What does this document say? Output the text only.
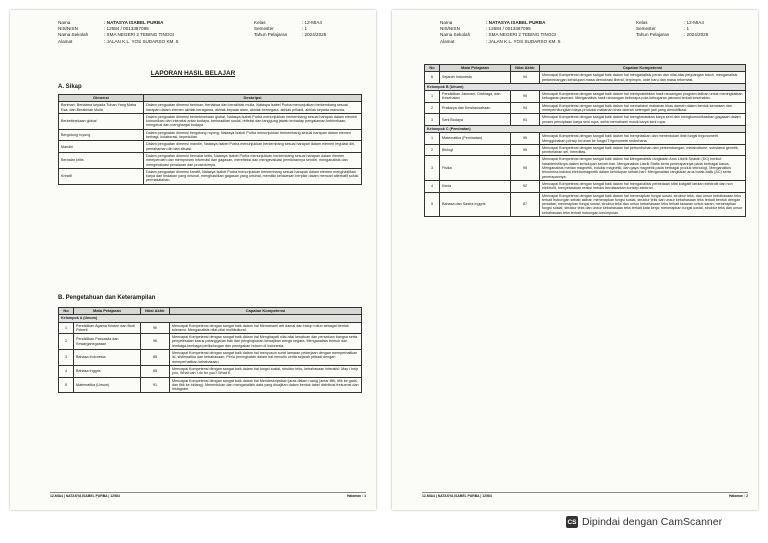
Nama	: NATASYA ISABEL PURBA	Kelas	: 12-MIA4
NIS/NISN	: 12584 / 0013387095	Semester	: 1
Nama Sekolah	: SMA NEGERI 2 TEBING TINGGI	Tahun Pelajaran	: 2024/2025
Alamat	: JALAN K.L. YOS SUDARSO KM. 5		
LAPORAN HASIL BELAJAR
A. Sikap
Dimensi	Deskripsi
Beriman, Bertakwa kepada Tuhan Yang Maha Esa, dan Berakhlak Mulia	Dalam penguatan dimensi beriman, bertakwa dan berakhlak mulia, Natasya Isabel Purba menunjukkan berkembang sesuai harapan dalam elemen akhlak beragama, akhlak kepada alam, akhlak bernegara, akhlak pribadi, akhlak kepada manusia.
Berkebinekaan global	Dalam penguatan dimensi berkebinekaan global, Natasya Isabel Purba menunjukkan berkembang sesuai harapan dalam elemen komunikasi dan interaksi antar budaya, berkeadilan sosial, refleksi dan tanggung jawab terhadap pengalaman kebinekaan, mengenal dan menghargai budaya.
Bergotong royong	Dalam penguatan dimensi bergotong royong, Natasya Isabel Purba menunjukkan berkembang sesuai harapan dalam elemen berbagi, kolaborasi, kepedulian.
Mandiri	Dalam penguatan dimensi mandiri, Natasya Isabel Purba menunjukkan berkembang sesuai harapan dalam elemen regulasi diri, pemahaman diri dan situasi.
Bernalar kritis	Dalam penguatan dimensi bernalar kritis, Natasya Isabel Purba menunjukkan berkembang sesuai harapan dalam elemen memperoleh dan memproses informasi dan gagasan, merefleksi dan mengevaluasi pemikirannya sendiri, menganalisis dan mengevaluasi penalaran dan prosedurnya.
Kreatif	Dalam penguatan dimensi kreatif, Natasya Isabel Purba menunjukkan berkembang sesuai harapan dalam elemen menghasilkan karya dan tindakan yang orisinal, menghasilkan gagasan yang orisinal, memiliki keluwesan berpikir dalam mencari alternatif solusi permasalahan.
B. Pengetahuan dan Keterampilan
No	Mata Pelajaran	Nilai Akhir	Capaian Kompetensi
Kelompok A (Umum)			
1	Pendidikan Agama Kristen dan Budi Pekerti	90	Mencapai Kompetensi dengan sangat baik dalam hal Memahami arti damai dan hidup rukun sebagai bentuk toleransi. Menganalisis nilai-nilai multikultural.
2	Pendidikan Pancasila dan Kewarganegaraan	96	Mencapai Kompetensi dengan sangat baik dalam hal Menghayati nilai-nilai kesatuan dan persatuan bangsa serta penyelesaian kasus pelanggaran hak dan pengingkaran kewajiban warga negara. Menganalisis bentuk dan lembaga-lembaga perlindungan dan penegakan hukum di Indonesia.
3	Bahasa Indonesia	85	Mencapai Kompetensi dengan sangat baik dalam hal menyusun surat lamaran pekerjaan dengan memperhatikan isi, sistematika dan kebahasaan. Perlu peningkatan dalam hal menulis cerita sejarah pribadi dengan memperhatikan kebahasaan.
4	Bahasa Inggris	85	Mencapai Kompetensi dengan sangat baik dalam hal fungsi sosial, struktur teks, kebahasaan interaksi: May I help you, What can I do for you? What if.
5	Matematika (Umum)	91	Mencapai Kompetensi dengan sangat baik dalam hal Mendeskripsikan jarak dalam ruang (antar titik, titik ke garis, dan titik ke bidang). Menentukan dan menganalisis data yang disajikan dalam bentuk tabel distribusi frekuensi dan histogram.
12-MIA4 | NATASYA ISABEL PURBA | 12584	Halaman : 1
Nama	: NATASYA ISABEL PURBA	Kelas	: 12-MIA4
NIS/NISN	: 12584 / 0013387095	Semester	: 1
Nama Sekolah	: SMA NEGERI 2 TEBING TINGGI	Tahun Pelajaran	: 2024/2025
Alamat	: JALAN K.L. YOS SUDARSO KM. 5		
No	Mata Pelajaran	Nilai Akhir	Capaian Kompetensi
6	Sejarah Indonesia	94	Mencapai Kompetensi dengan sangat baik dalam hal menganalisis peran dan nilai-nilai perjuangan tokoh, menganalisis perkembangan kehidupan masa demokrasi liberal, terpimpin, orde baru dan masa reformasi.
Kelompok B (Umum)			
1	Pendidikan Jasmani, Olahraga, dan Kesehatan	95	Mencapai Kompetensi dengan sangat baik dalam hal mempraktikkan hasil rancangan program latihan untuk meningkatkan kebugaran jasmani. Menganalisis hasil rancangan beberapa pola kebugaran jasmani terkait kesehatan.
2	Prakarya dan Kewirausahaan	94	Mencapai Kompetensi dengan sangat baik dalam hal memahami makanan khas daerah dalam bentuk kemasan dan memperhitungkan biaya produksi makanan khas daerah setengah jadi yang dimodifikasi.
3	Seni Budaya	93	Mencapai Kompetensi dengan sangat baik dalam hal mengkreasikan karya seni dan mengkomunikasikan gagasan dalam proses penciptaan karya seni rupa, serta memahami musik karya seni rupa.
Kelompok C (Peminatan)			
1	Matematika (Peminatan)	95	Mencapai Kompetensi dengan sangat baik dalam hal menjelaskan dan menentukan limit fungsi trigonometri. Menggunakan prinsip turunan ke fungsi Trigonometri sederhana.
2	Biologi	95	Mencapai Kompetensi dengan sangat baik dalam hal pertumbuhan dan perkembangan, metabolisme, substansi genetik, pembelahan sel, hereditas.
3	Fisika	95	Mencapai Kompetensi dengan sangat baik dalam hal Menganalisis rangkaian Arus Listrik Searah (DC) berikut karakteristiknya dalam kehidupan sehari-hari. Menganalisis Listrik Statis serta penerapannya pada berbagai kasus. Menganalisis medan magnetik, induksi magnetik, dan gaya magnetik pada berbagai produk teknologi. Menganalisis fenomena induksi elektromagnetik dalam kehidupan sehari-hari. Menganalisis rangkaian arus bolak-balik (AC) serta penerapannya.
4	Kimia	92	Mencapai Kompetensi dengan sangat baik dalam hal menganalisis perbedaan sifat koligatif larutan elektrolit dan non elektrolit, menyetarakan reaksi redoks berdasarkan konsep elektron.
5	Bahasa dan Sastra Inggris	87	Mencapai Kompetensi dengan sangat baik dalam hal menerapkan fungsi sosial, struktur teks, dan unsur kebahasaan teks terkait hubungan sebab akibat; menerapkan fungsi sosial, struktur teks dan unsur kebahasaan teks terkait bentuk dengan pewatas; menerapkan fungsi sosial, struktur teks dan unsur kebahasaan teks terkait tawaran untuk saran; menerapkan fungsi sosial, struktur teks dan unsur kebahasaan teks terkait kata kerja; menerapkan fungsi sosial, struktur teks dan unsur kebahasaan teks terkait hubungan kesimpulan.
12-MIA4 | NATASYA ISABEL PURBA | 12584	Halaman : 2
CS Dipindai dengan CamScanner
